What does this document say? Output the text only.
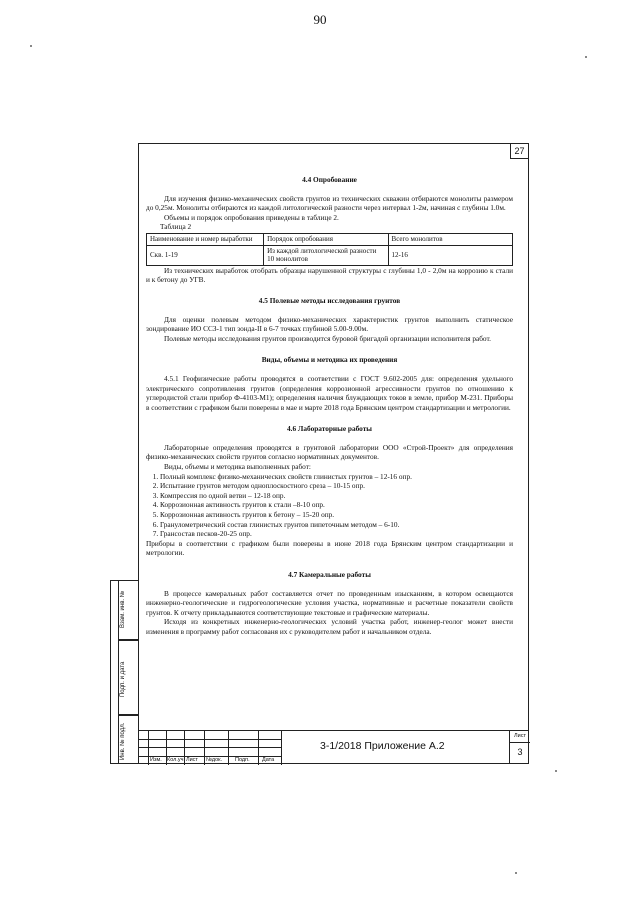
90
27
4.4 Опробование

Для изучения физико-механических свойств грунтов из технических скважин отбираются монолиты размером до 0,25м. Монолиты отбираются из каждой литологической разности через интервал 1-2м, начиная с глубины 1.0м.

Объемы и порядок опробования приведены в таблице 2.

Таблица 2

Наименование и номер выработки	Порядок опробования	Всего монолитов
Скв. 1-19	Из каждой литологической разности 10 монолитов	12-16

Из технических выработок отобрать образцы нарушенной структуры с глубины 1,0 - 2,0м на коррозию к стали и к бетону до УГВ.

4.5 Полевые методы исследования грунтов

Для оценки полевым методом физико-механических характеристик грунтов выполнить статическое зондирование ИО ССЗ-1 тип зонда-II в 6-7 точках глубиной 5.00-9.00м.

Полевые методы исследования грунтов производится буровой бригадой организации исполнителя работ.

Виды, объемы и методика их проведения

4.5.1 Геофизические работы проводятся в соответствии с ГОСТ 9.602-2005 для: определения удельного электрического сопротивления грунтов (определения коррозионной агрессивности грунтов по отношению к углеродистой стали прибор Ф-4103-М1); определения наличия блуждающих токов в земле, прибор М-231. Приборы в соответствии с графиком были поверены в мае и марте 2018 года Брянским центром стандартизации и метрологии.

4.6 Лабораторные работы

Лабораторные определения проводятся в грунтовой лаборатории ООО «Строй-Проект» для определения физико-механических свойств грунтов согласно нормативных документов.

Виды, объемы и методика выполненных работ:

1. Полный комплекс физико-механических свойств глинистых грунтов – 12-16 опр.
2. Испытание грунтов методом одноплоскостного среза – 10-15 опр.
3. Компрессия по одной ветви – 12-18 опр.
4. Коррозионная активность грунтов к стали –8-10 опр.
5. Коррозионная активность грунтов к бетону – 15-20 опр.
6. Гранулометрический состав глинистых грунтов пипеточным методом – 6-10.
7. Грансостав песков-20-25 опр.

Приборы в соответствии с графиком были поверены в июне 2018 года Брянским центром стандартизации и метрологии.

4.7 Камеральные работы

В процессе камеральных работ составляется отчет по проведенным изысканиям, в котором освещаются инженерно-геологические и гидрогеологические условия участка, нормативные и расчетные показатели свойств грунтов. К отчету прикладываются соответствующие текстовые и графические материалы.

Исходя из конкретных инженерно-геологических условий участка работ, инженер-геолог может внести изменения в программу работ согласованя их с руководителем работ и начальником отдела.

Взам. инв. №
Подп. и дата
Инв. № подл.	Изм. Кол.уч Лист №док. Подп. Дата
3-1/2018 Приложение А.2
Лист
3
